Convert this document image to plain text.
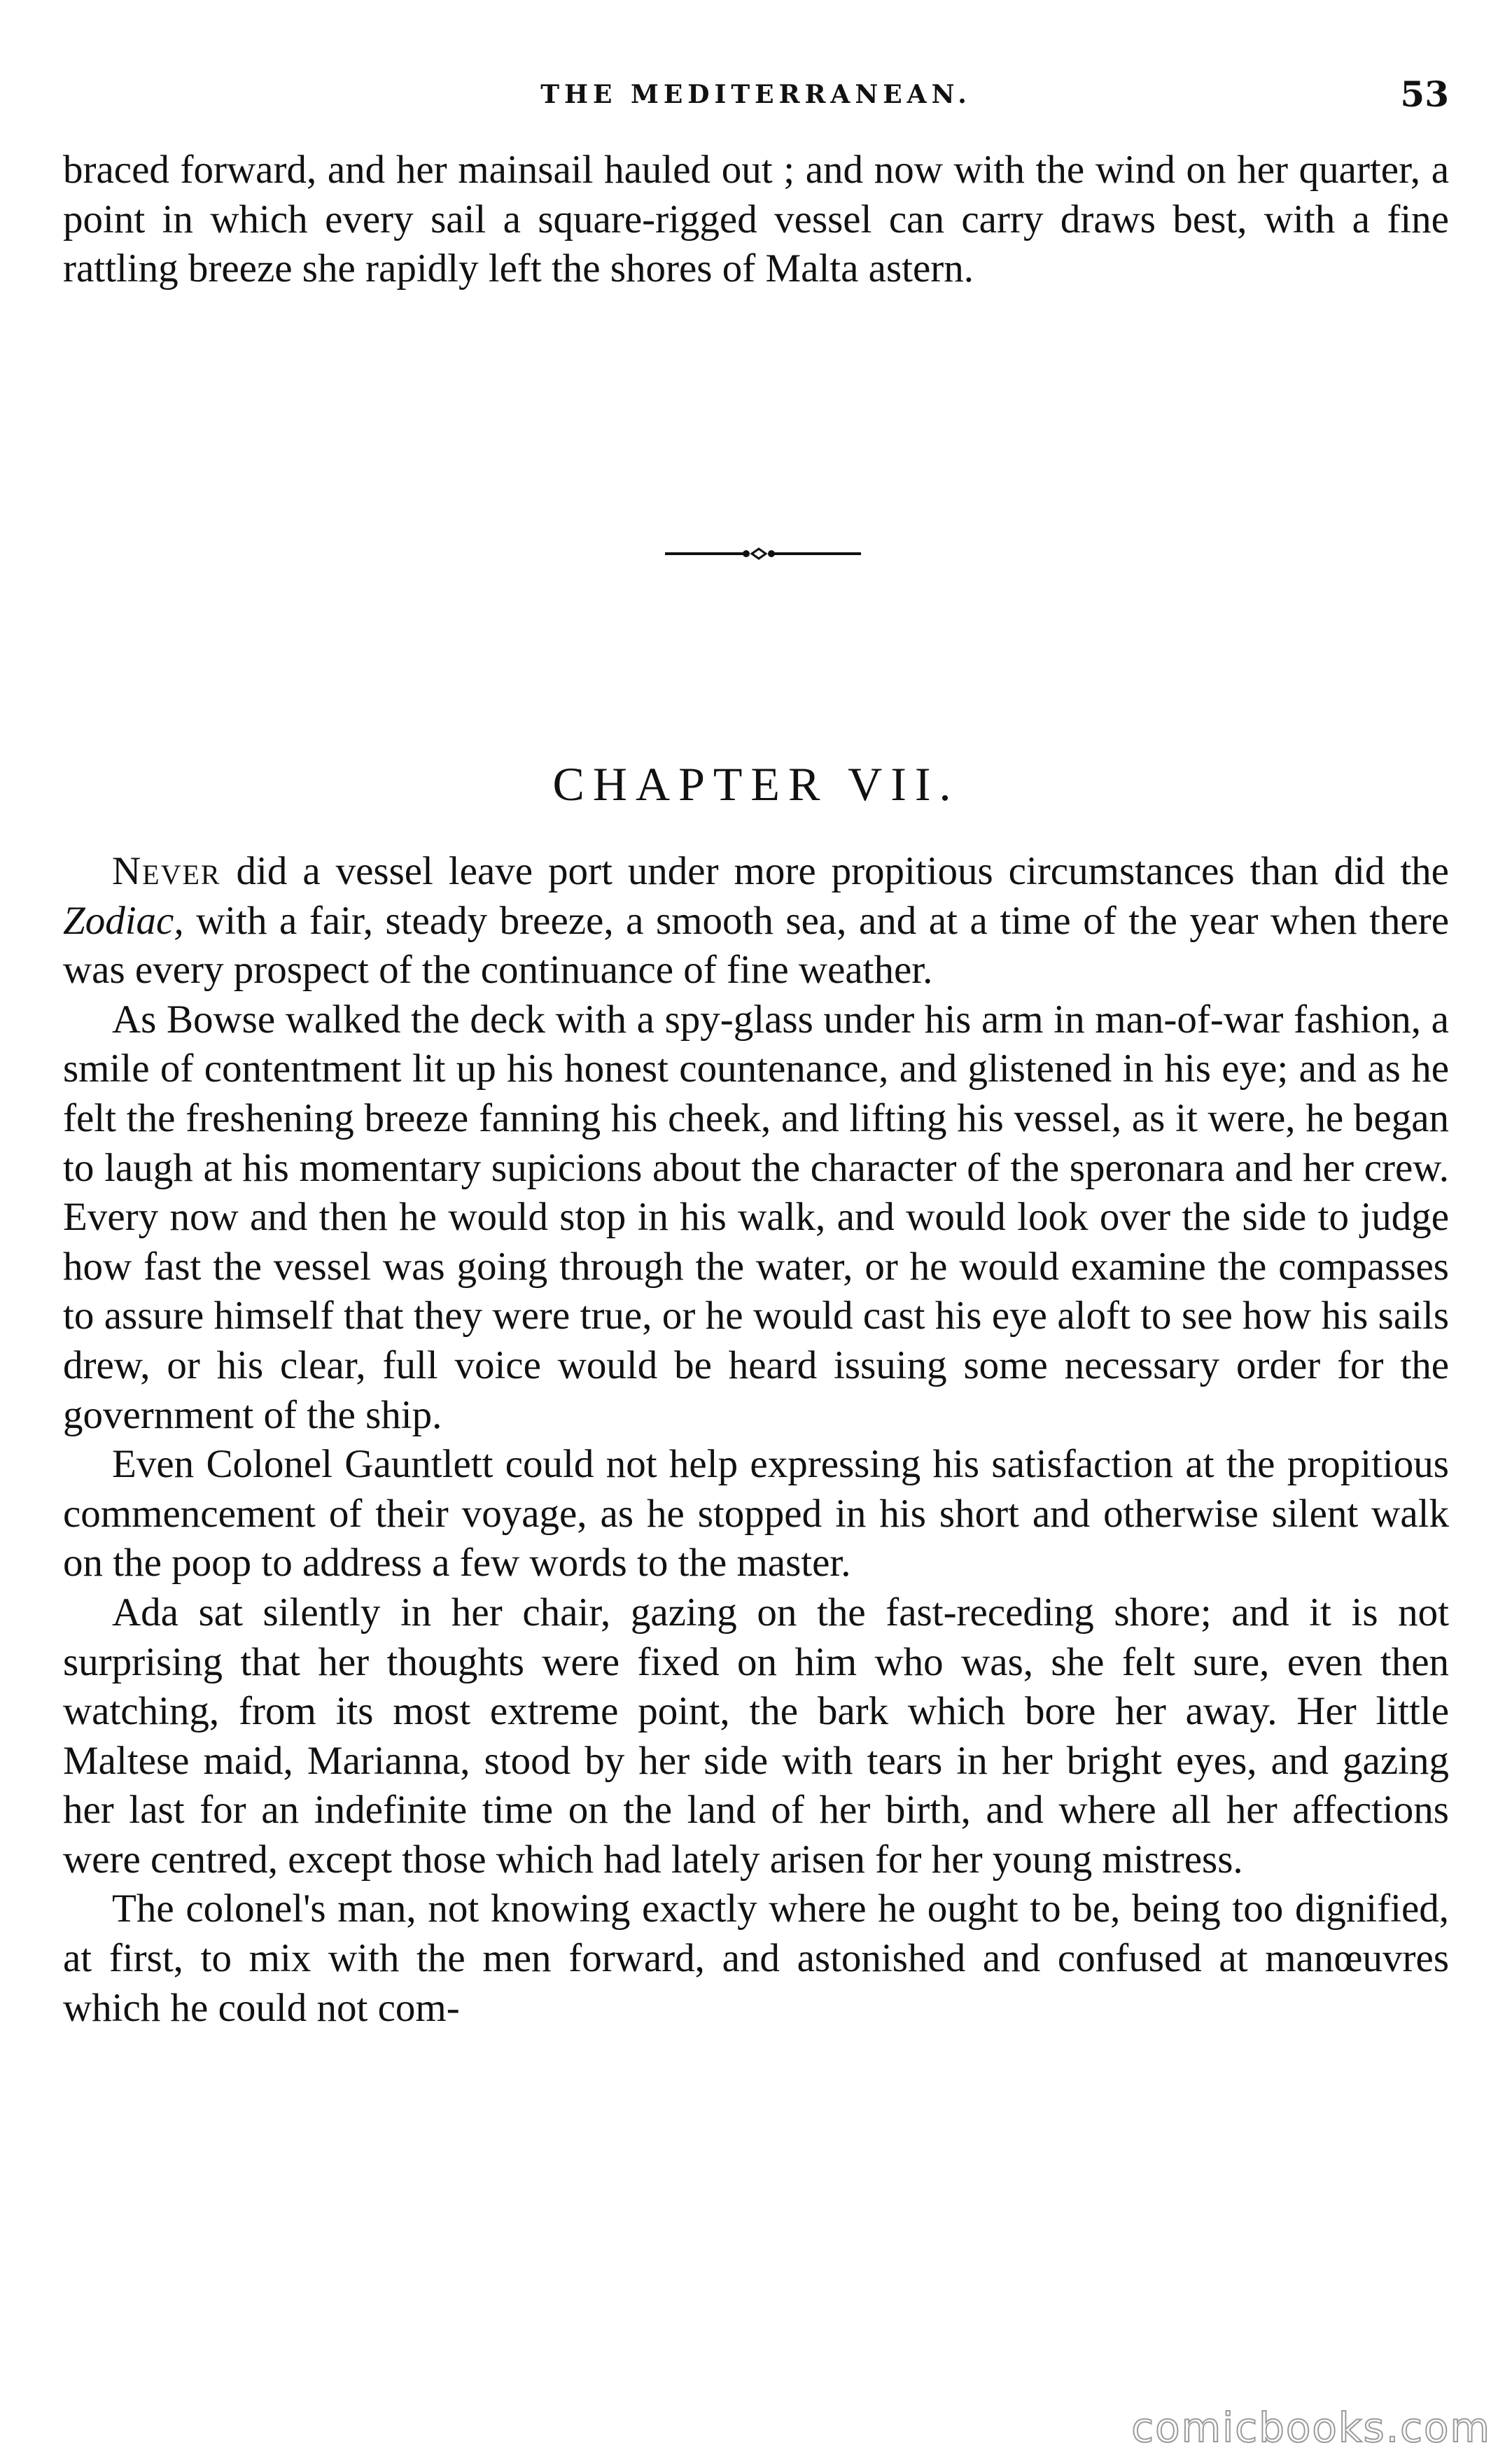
THE MEDITERRANEAN.	53

braced forward, and her mainsail hauled out ; and now with the wind on her quarter, a point in which every sail a square-rigged vessel can carry draws best, with a fine rattling breeze she rapidly left the shores of Malta astern.

CHAPTER VII.

Never did a vessel leave port under more propitious circumstances than did the Zodiac, with a fair, steady breeze, a smooth sea, and at a time of the year when there was every prospect of the continuance of fine weather.

As Bowse walked the deck with a spy-glass under his arm in man-of-war fashion, a smile of contentment lit up his honest countenance, and glistened in his eye; and as he felt the freshening breeze fanning his cheek, and lifting his vessel, as it were, he began to laugh at his momentary supicions about the character of the speronara and her crew. Every now and then he would stop in his walk, and would look over the side to judge how fast the vessel was going through the water, or he would examine the compasses to assure himself that they were true, or he would cast his eye aloft to see how his sails drew, or his clear, full voice would be heard issuing some necessary order for the government of the ship.

Even Colonel Gauntlett could not help expressing his satisfaction at the propitious commencement of their voyage, as he stopped in his short and otherwise silent walk on the poop to address a few words to the master.

Ada sat silently in her chair, gazing on the fast-receding shore; and it is not surprising that her thoughts were fixed on him who was, she felt sure, even then watching, from its most extreme point, the bark which bore her away. Her little Maltese maid, Marianna, stood by her side with tears in her bright eyes, and gazing her last for an indefinite time on the land of her birth, and where all her affections were centred, except those which had lately arisen for her young mistress.

The colonel's man, not knowing exactly where he ought to be, being too dignified, at first, to mix with the men forward, and astonished and confused at manœuvres which he could not com-

comicbooks.com
